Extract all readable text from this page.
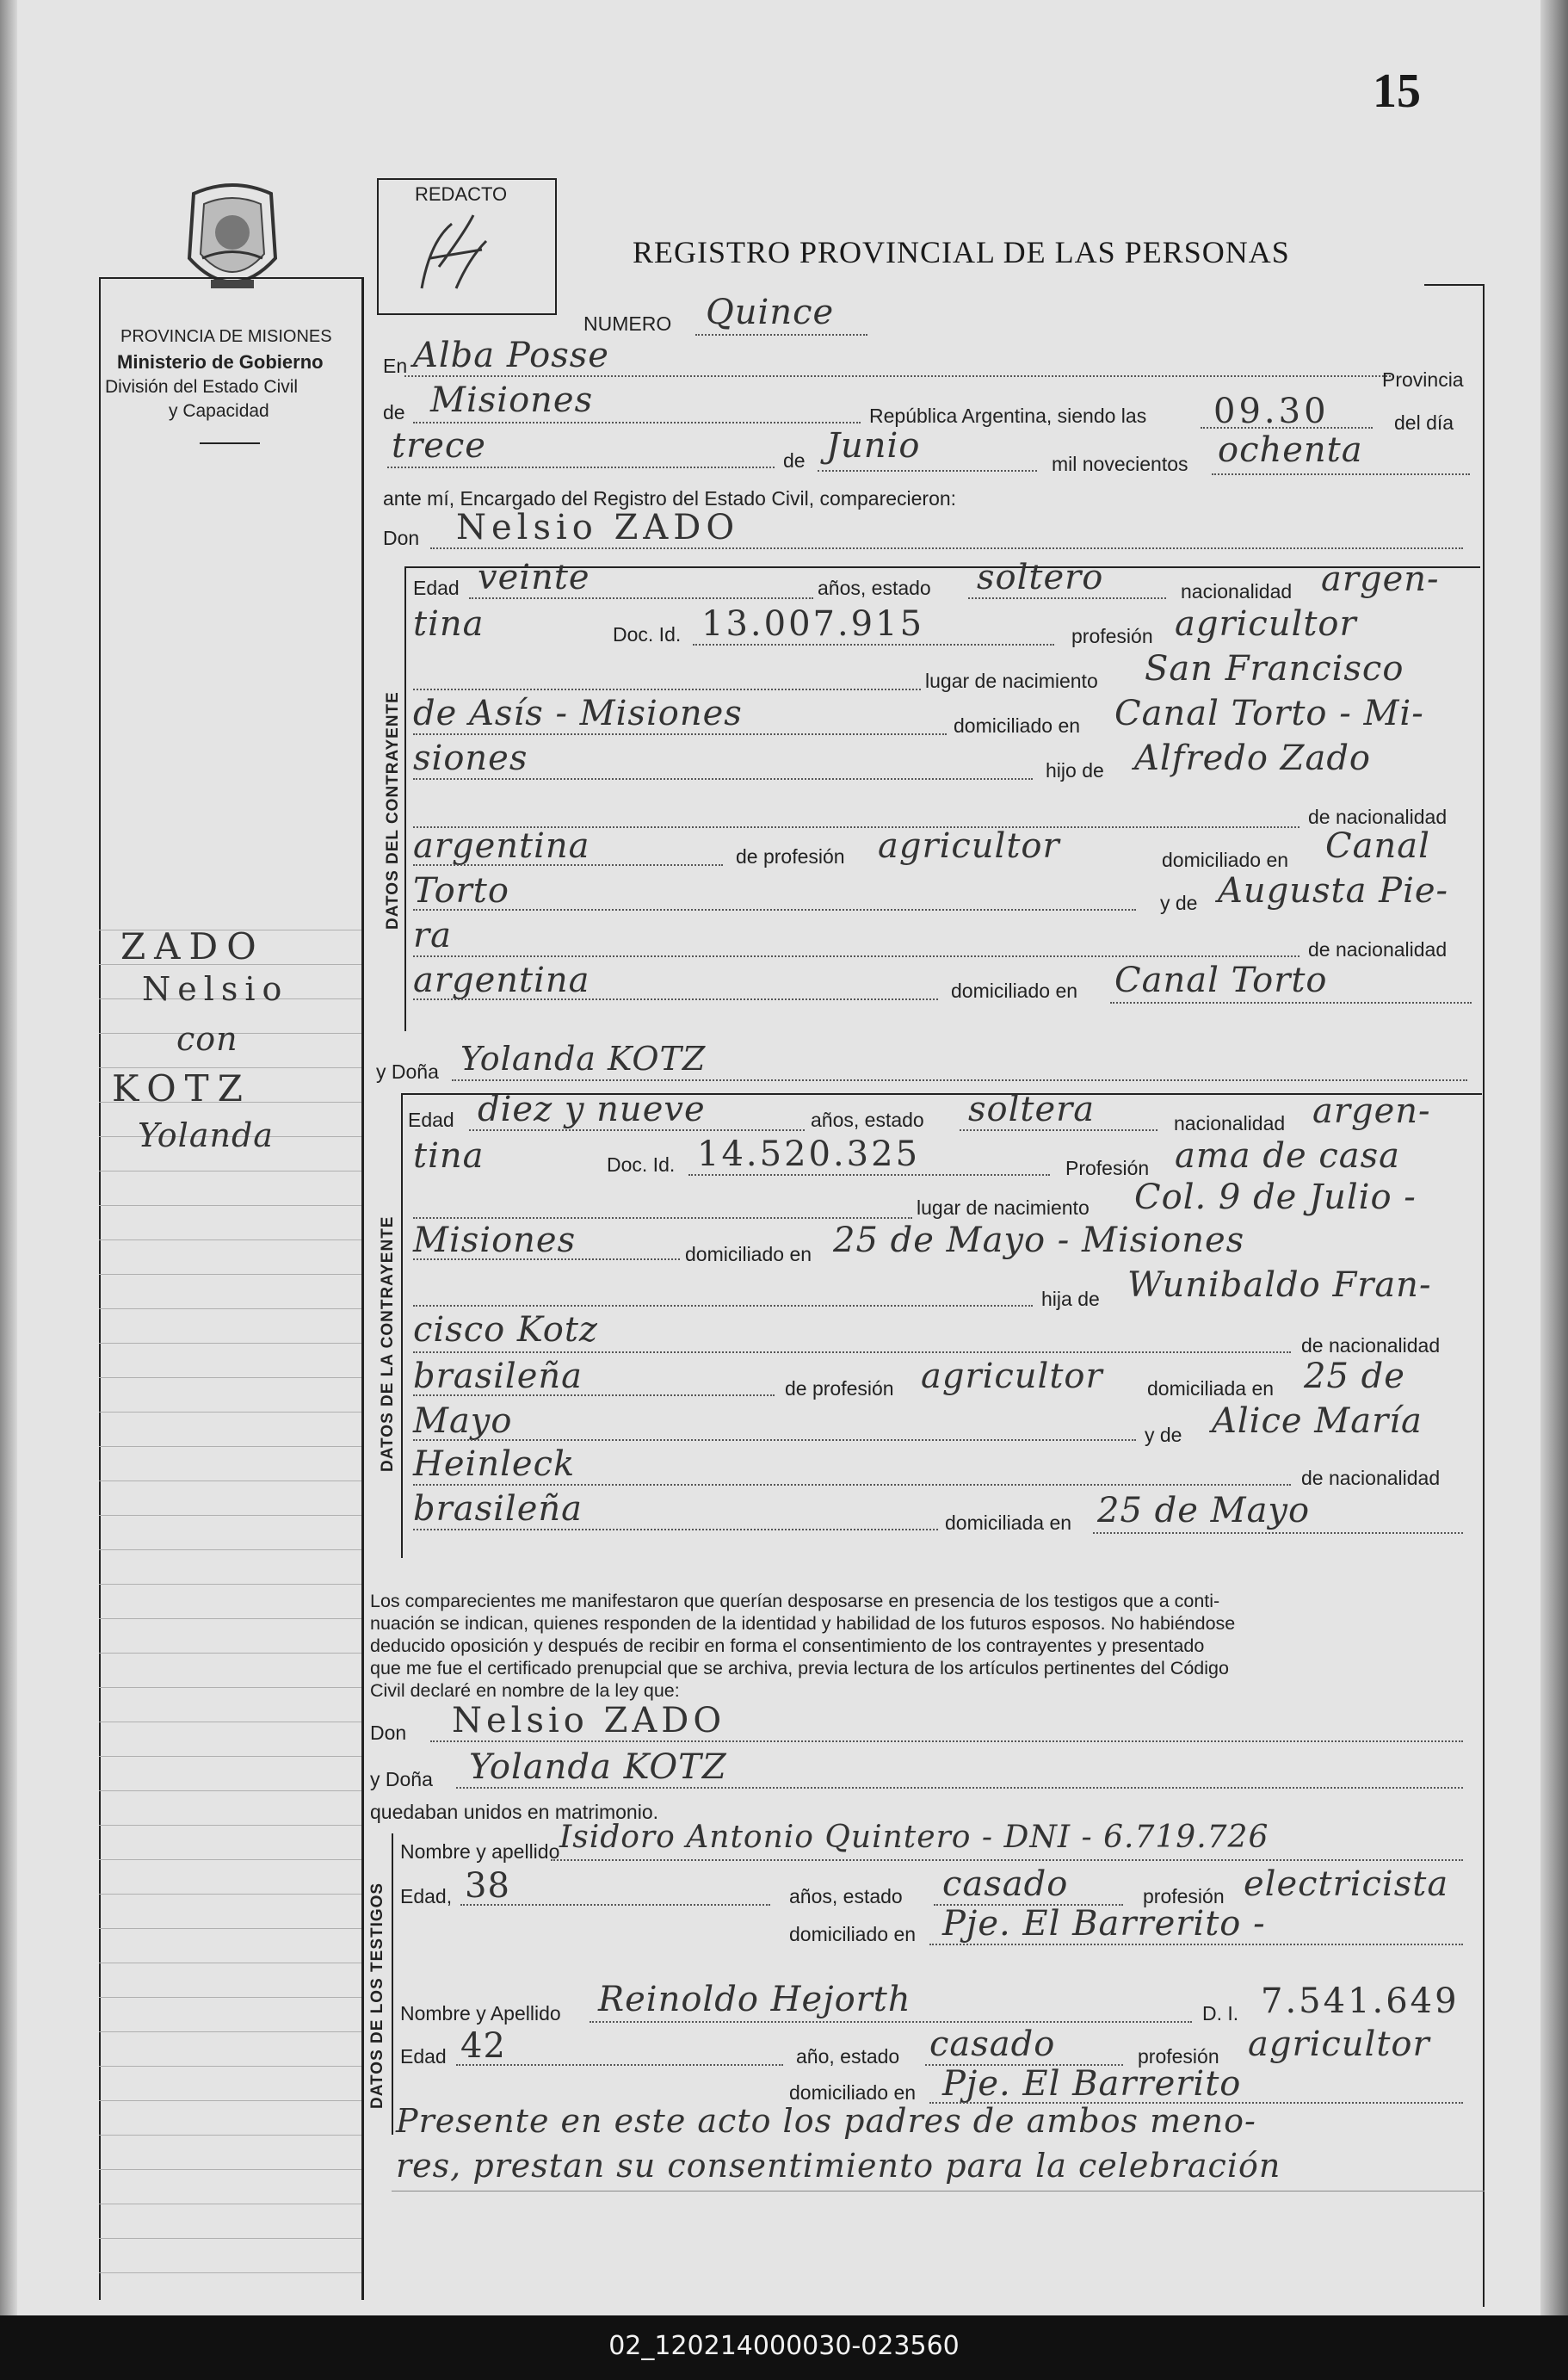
15
PROVINCIA DE MISIONES
Ministerio de Gobierno
División del Estado Civil
y Capacidad
REDACTO
REGISTRO PROVINCIAL DE LAS PERSONAS
ZADO
Nelsio
con
KOTZ
Yolanda
NUMERO Quince
En Alba Posse
Provincia
de Misiones	República Argentina, siendo las 09.30	del día
trece	de Junio	mil novecientos ochenta
ante mí, Encargado del Registro del Estado Civil, comparecieron:
Don Nelsio ZADO
DATOS DEL CONTRAYENTE
Edad veinte	años, estado soltero	nacionalidad argen-
tina	Doc. Id. 13.007.915	profesión agricultor
lugar de nacimiento San Francisco
de Asís - Misiones	domiciliado en Canal Torto - Mi-
siones	hijo de Alfredo Zado
de nacionalidad
argentina	de profesión agricultor	domiciliado en Canal
Torto	y de Augusta Pie-
ra	de nacionalidad
argentina	domiciliado en Canal Torto
y Doña Yolanda KOTZ
DATOS DE LA CONTRAYENTE
Edad diez y nueve	años, estado soltera	nacionalidad argen-
tina	Doc. Id. 14.520.325	Profesión ama de casa
lugar de nacimiento Col. 9 de Julio -
Misiones	domiciliado en 25 de Mayo - Misiones
hija de Wunibaldo Fran-
cisco Kotz	de nacionalidad
brasileña	de profesión agricultor domiciliada en 25 de
Mayo	y de Alice María
Heinleck	de nacionalidad
brasileña	domiciliada en 25 de Mayo
Los comparecientes me manifestaron que querían desposarse en presencia de los testigos que a conti-
nuación se indican, quienes responden de la identidad y habilidad de los futuros esposos. No habiéndose
deducido oposición y después de recibir en forma el consentimiento de los contrayentes y presentado
que me fue el certificado prenupcial que se archiva, previa lectura de los artículos pertinentes del Código
Civil declaré en nombre de la ley que:
Don Nelsio ZADO
y Doña Yolanda KOTZ
quedaban unidos en matrimonio.
DATOS DE LOS TESTIGOS
Nombre y apellido Isidoro Antonio Quintero - DNI - 6.719.726
Edad, 38	años, estado casado	profesión electricista
domiciliado en Pje. El Barrerito -
Nombre y Apellido Reinoldo Hejorth	D. I. 7.541.649
Edad 42	año, estado casado	profesión agricultor
domiciliado en Pje. El Barrerito
Presente en este acto los padres de ambos meno-
res, prestan su consentimiento para la celebración
02_120214000030-023560
